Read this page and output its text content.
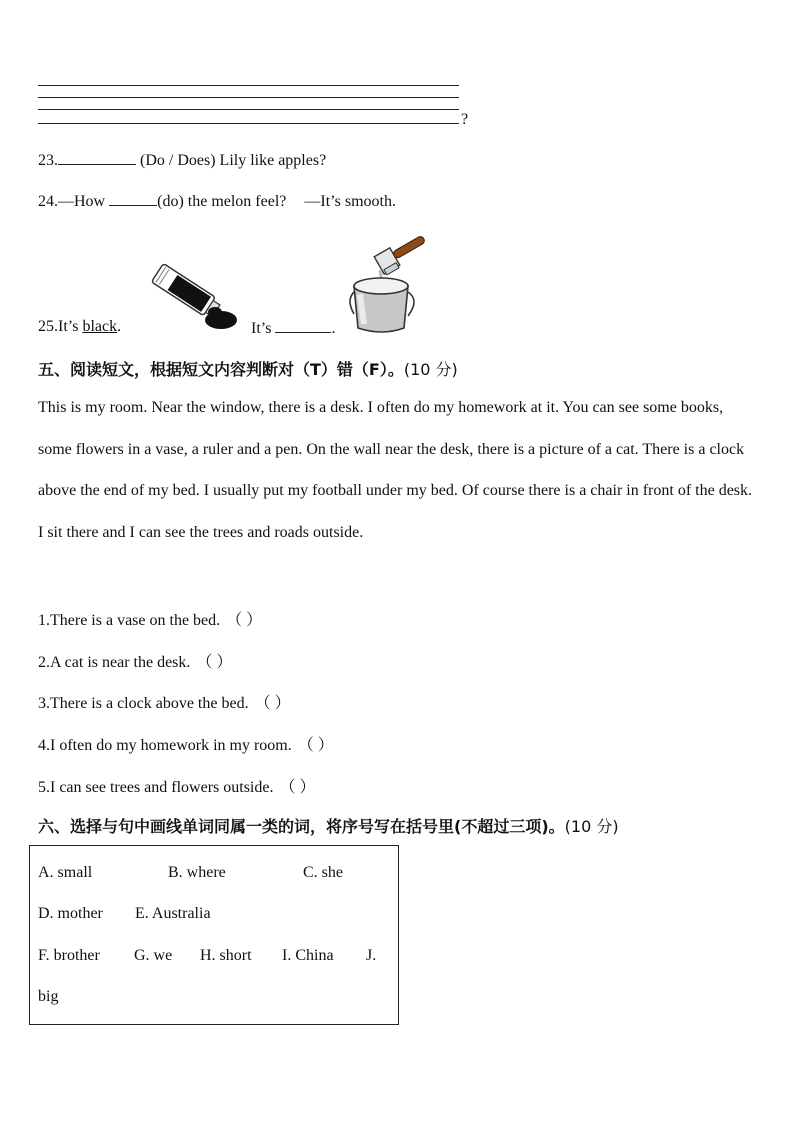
?
23.	(Do / Does) Lily like apples?
24.—How	(do) the melon feel? —It’s smooth.
25.It’s black.	It’s	.
五、阅读短文，根据短文内容判断对（T）错（F）。(10 分)
This is my room. Near the window, there is a desk. I often do my homework at it. You can see some books, some flowers in a vase, a ruler and a pen. On the wall near the desk, there is a picture of a cat. There is a clock above the end of my bed. I usually put my football under my bed. Of course there is a chair in front of the desk. I sit there and I can see the trees and roads outside.
1.There is a vase on the bed. （ ）
2.A cat is near the desk. （ ）
3.There is a clock above the bed. （ ）
4.I often do my homework in my room. （ ）
5.I can see trees and flowers outside. （ ）
六、选择与句中画线单词同属一类的词，将序号写在括号里(不超过三项)。(10 分)
A. small	B. where	C. she
D. mother E. Australia
F. brother G. we H. short I. China J.
big
